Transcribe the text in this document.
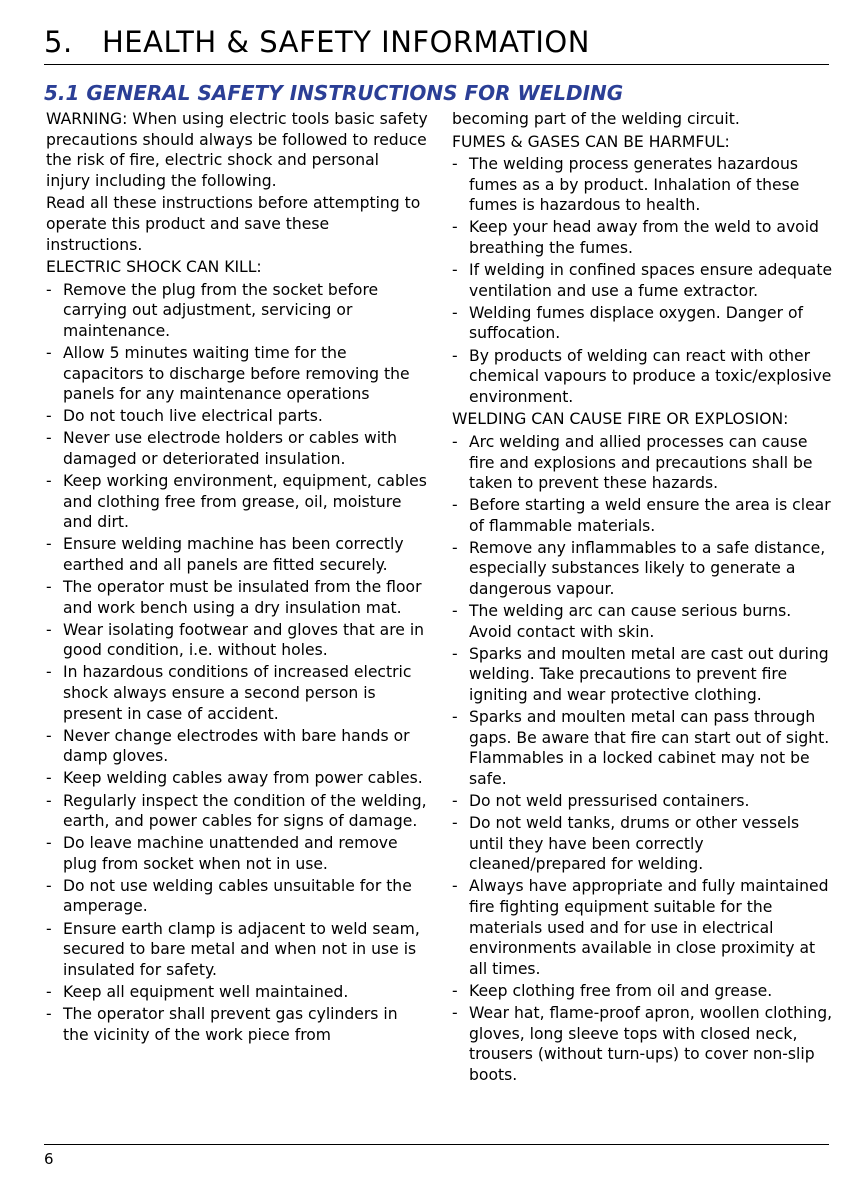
5. HEALTH & SAFETY INFORMATION
5.1 GENERAL SAFETY INSTRUCTIONS FOR WELDING

WARNING: When using electric tools basic safety precautions should always be followed to reduce the risk of fire, electric shock and personal injury including the following.

Read all these instructions before attempting to operate this product and save these instructions.

ELECTRIC SHOCK CAN KILL:

- Remove the plug from the socket before carrying out adjustment, servicing or maintenance.
- Allow 5 minutes waiting time for the capacitors to discharge before removing the panels for any maintenance operations
- Do not touch live electrical parts.
- Never use electrode holders or cables with damaged or deteriorated insulation.
- Keep working environment, equipment, cables and clothing free from grease, oil, moisture and dirt.
- Ensure welding machine has been correctly earthed and all panels are fitted securely.
- The operator must be insulated from the floor and work bench using a dry insulation mat.
- Wear isolating footwear and gloves that are in good condition, i.e. without holes.
- In hazardous conditions of increased electric shock always ensure a second person is present in case of accident.
- Never change electrodes with bare hands or damp gloves.
- Keep welding cables away from power cables.
- Regularly inspect the condition of the welding, earth, and power cables for signs of damage.
- Do leave machine unattended and remove plug from socket when not in use.
- Do not use welding cables unsuitable for the amperage.
- Ensure earth clamp is adjacent to weld seam, secured to bare metal and when not in use is insulated for safety.
- Keep all equipment well maintained.
- The operator shall prevent gas cylinders in the vicinity of the work piece from

becoming part of the welding circuit.

FUMES & GASES CAN BE HARMFUL:

- The welding process generates hazardous fumes as a by product. Inhalation of these fumes is hazardous to health.
- Keep your head away from the weld to avoid breathing the fumes.
- If welding in confined spaces ensure adequate ventilation and use a fume extractor.
- Welding fumes displace oxygen. Danger of suffocation.
- By products of welding can react with other chemical vapours to produce a toxic/explosive environment.

WELDING CAN CAUSE FIRE OR EXPLOSION:

- Arc welding and allied processes can cause fire and explosions and precautions shall be taken to prevent these hazards.
- Before starting a weld ensure the area is clear of flammable materials.
- Remove any inflammables to a safe distance, especially substances likely to generate a dangerous vapour.
- The welding arc can cause serious burns. Avoid contact with skin.
- Sparks and moulten metal are cast out during welding. Take precautions to prevent fire igniting and wear protective clothing.
- Sparks and moulten metal can pass through gaps. Be aware that fire can start out of sight. Flammables in a locked cabinet may not be safe.
- Do not weld pressurised containers.
- Do not weld tanks, drums or other vessels until they have been correctly cleaned/prepared for welding.
- Always have appropriate and fully maintained fire fighting equipment suitable for the materials used and for use in electrical environments available in close proximity at all times.
- Keep clothing free from oil and grease.
- Wear hat, flame-proof apron, woollen clothing, gloves, long sleeve tops with closed neck, trousers (without turn-ups) to cover non-slip boots.
6
